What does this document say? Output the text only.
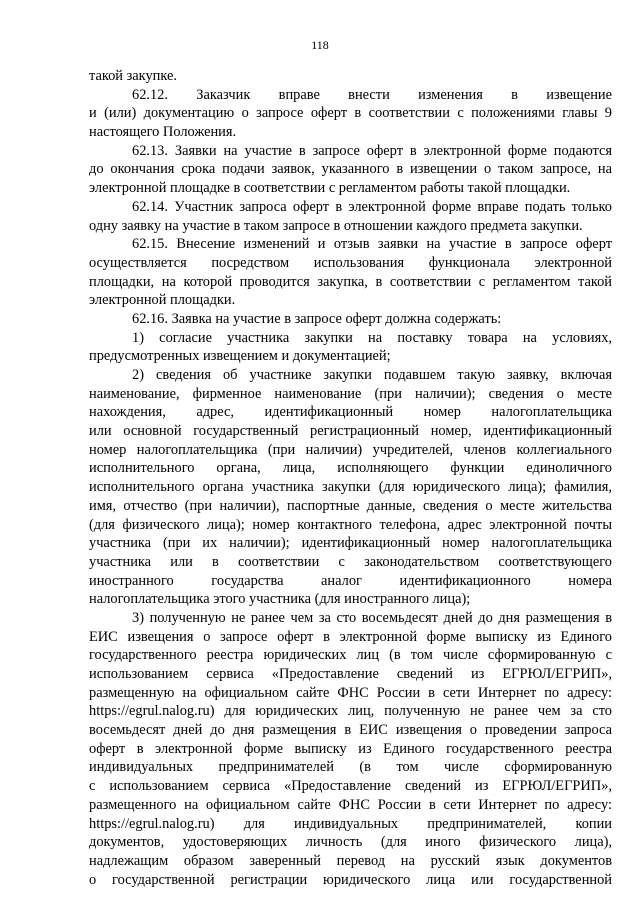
118
такой закупке.
62.12. Заказчик вправе внести изменения в извещение
и (или) документацию о запросе оферт в соответствии с положениями главы 9
настоящего Положения.
62.13. Заявки на участие в запросе оферт в электронной форме подаются
до окончания срока подачи заявок, указанного в извещении о таком запросе, на
электронной площадке в соответствии с регламентом работы такой площадки.
62.14. Участник запроса оферт в электронной форме вправе подать только
одну заявку на участие в таком запросе в отношении каждого предмета закупки.
62.15. Внесение изменений и отзыв заявки на участие в запросе оферт
осуществляется посредством использования функционала электронной
площадки, на которой проводится закупка, в соответствии с регламентом такой
электронной площадки.
62.16. Заявка на участие в запросе оферт должна содержать:
1) согласие участника закупки на поставку товара на условиях,
предусмотренных извещением и документацией;
2) сведения об участнике закупки подавшем такую заявку, включая
наименование, фирменное наименование (при наличии); сведения о месте
нахождения, адрес, идентификационный номер налогоплательщика
или основной государственный регистрационный номер, идентификационный
номер налогоплательщика (при наличии) учредителей, членов коллегиального
исполнительного органа, лица, исполняющего функции единоличного
исполнительного органа участника закупки (для юридического лица); фамилия,
имя, отчество (при наличии), паспортные данные, сведения о месте жительства
(для физического лица); номер контактного телефона, адрес электронной почты
участника (при их наличии); идентификационный номер налогоплательщика
участника или в соответствии с законодательством соответствующего
иностранного государства аналог идентификационного номера
налогоплательщика этого участника (для иностранного лица);
3) полученную не ранее чем за сто восемьдесят дней до дня размещения в
ЕИС извещения о запросе оферт в электронной форме выписку из Единого
государственного реестра юридических лиц (в том числе сформированную с
использованием сервиса «Предоставление сведений из ЕГРЮЛ/ЕГРИП»,
размещенную на официальном сайте ФНС России в сети Интернет по адресу:
https://egrul.nalog.ru) для юридических лиц, полученную не ранее чем за сто
восемьдесят дней до дня размещения в ЕИС извещения о проведении запроса
оферт в электронной форме выписку из Единого государственного реестра
индивидуальных предпринимателей (в том числе сформированную
с использованием сервиса «Предоставление сведений из ЕГРЮЛ/ЕГРИП»,
размещенного на официальном сайте ФНС России в сети Интернет по адресу:
https://egrul.nalog.ru) для индивидуальных предпринимателей, копии
документов, удостоверяющих личность (для иного физического лица),
надлежащим образом заверенный перевод на русский язык документов
о государственной регистрации юридического лица или государственной
